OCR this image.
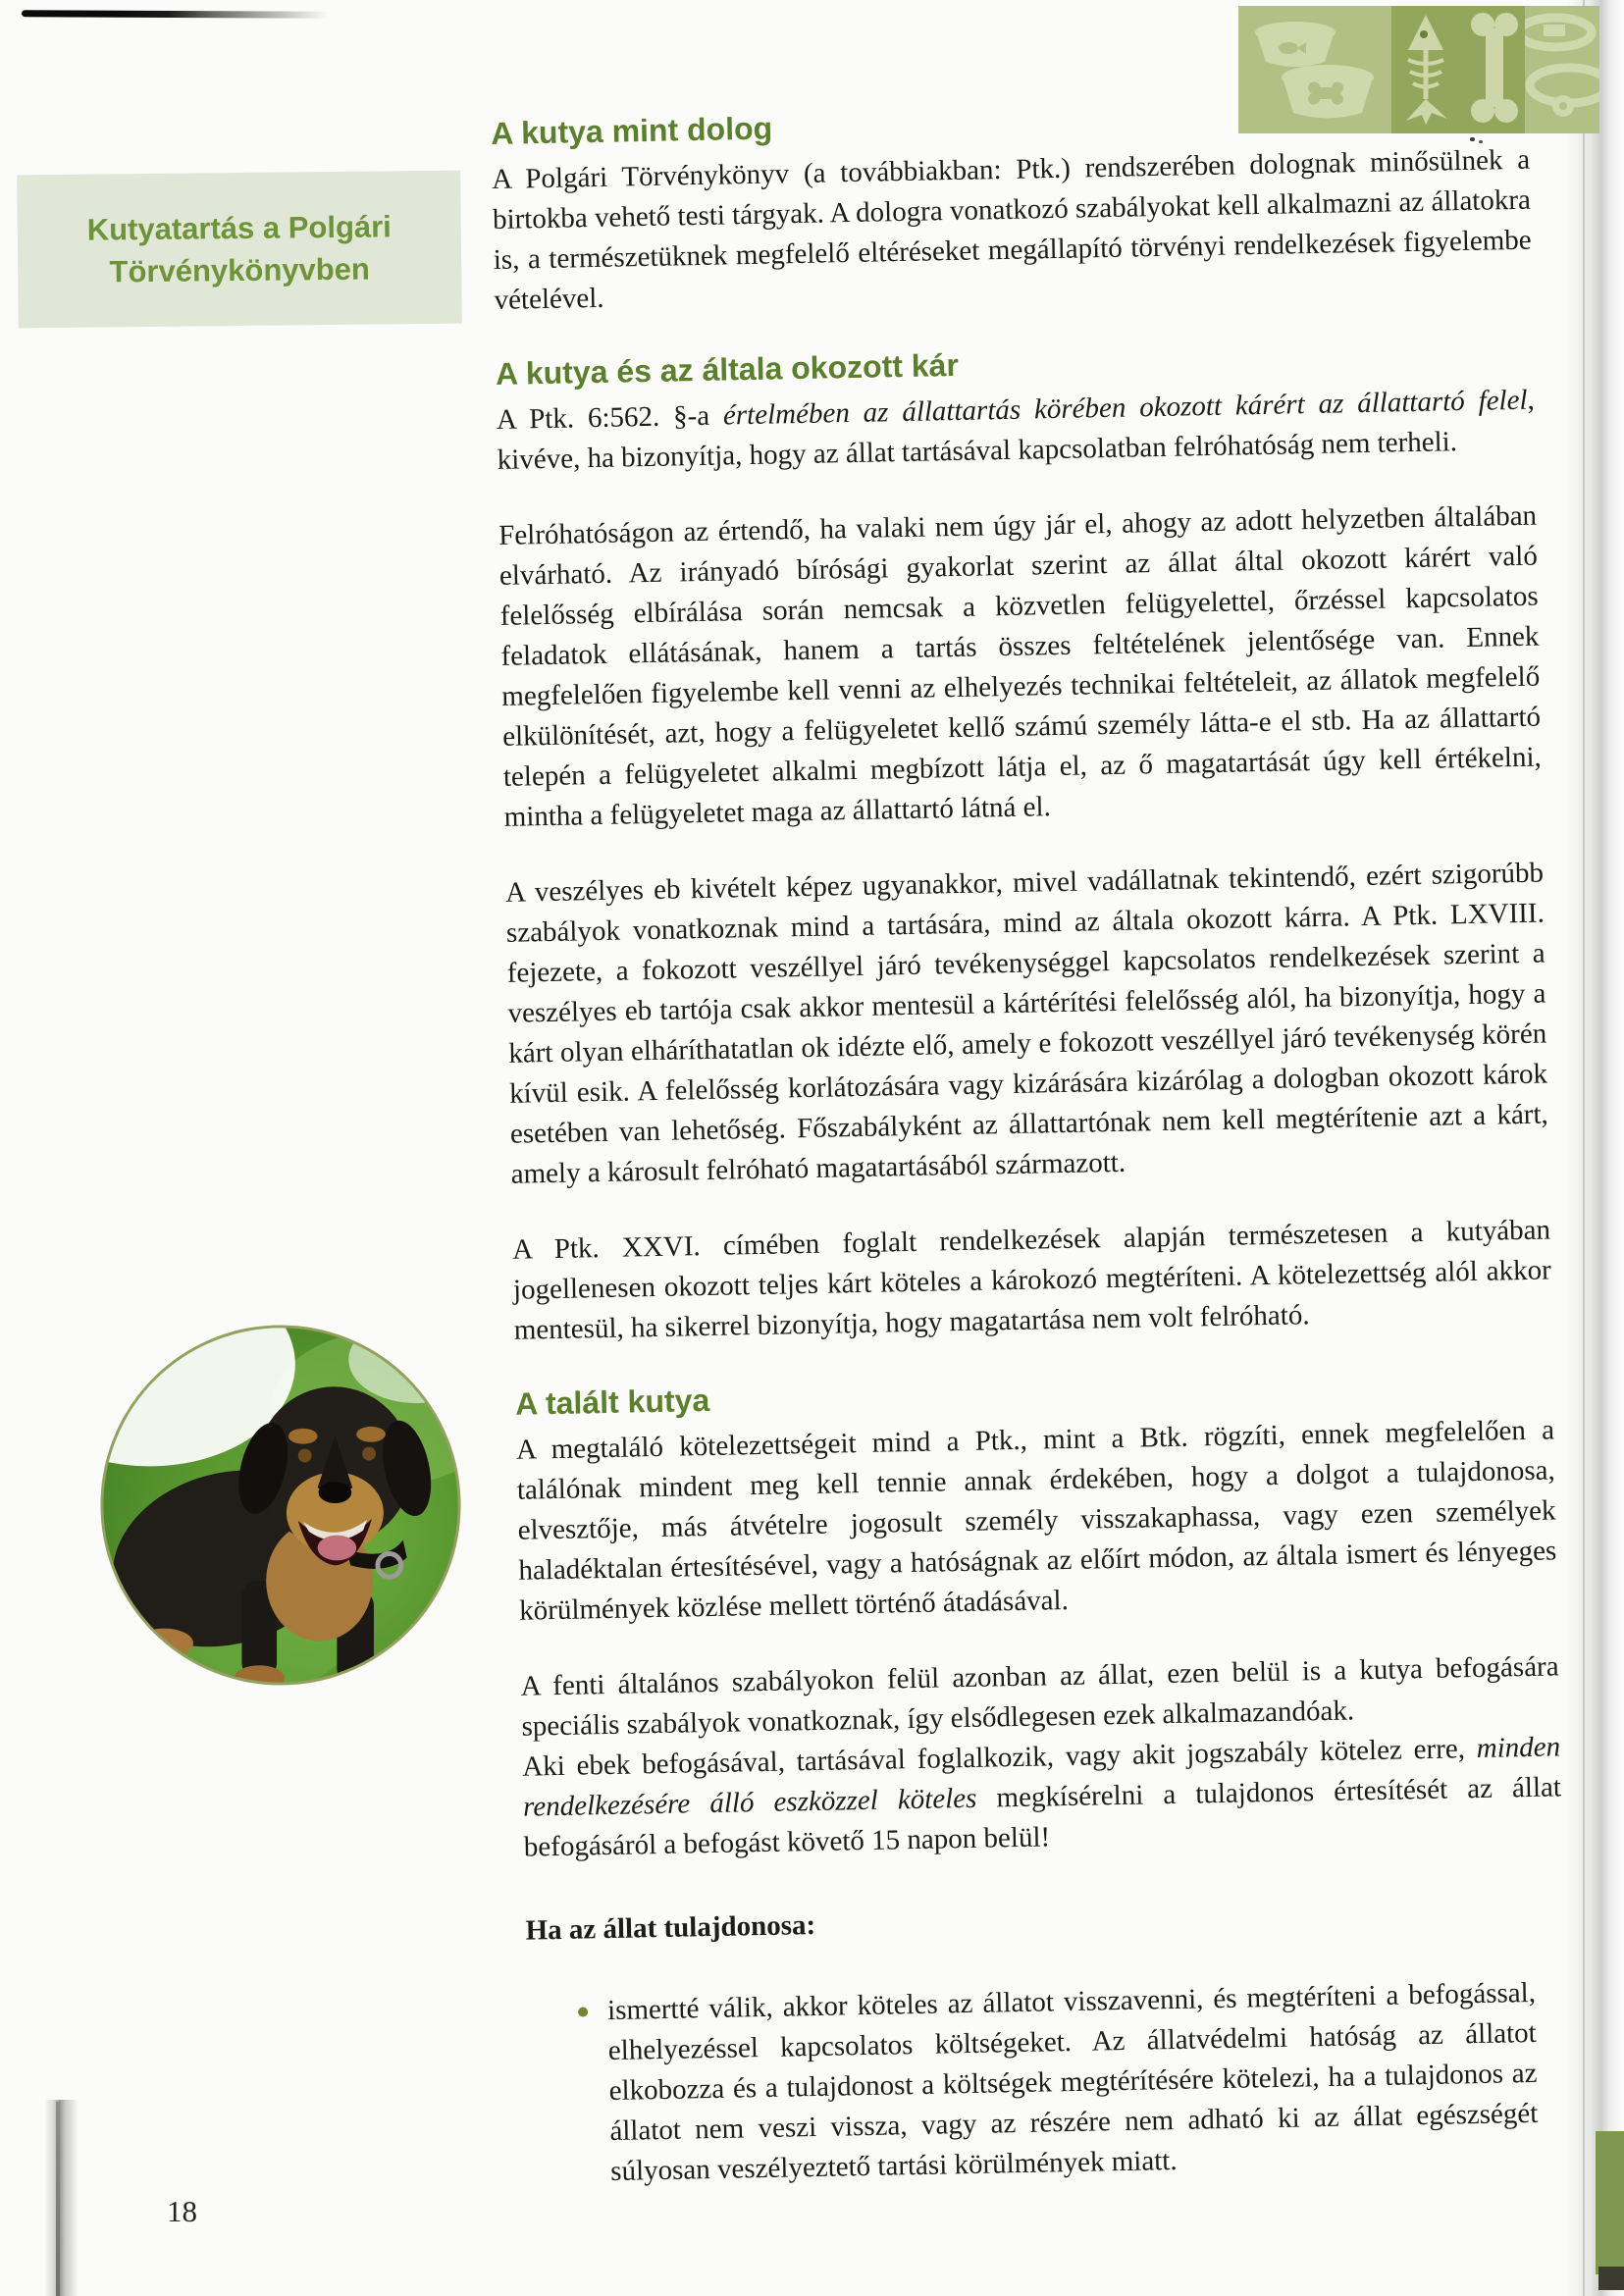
Kutyatartás a Polgári Törvénykönyvben
A kutya mint dolog

A Polgári Törvénykönyv (a továbbiakban: Ptk.) rendszerében dolognak minősülnek a birtokba vehető testi tárgyak. A dologra vonatkozó szabályokat kell alkalmazni az állatokra is, a természetüknek megfelelő eltéréseket megállapító törvényi rendelkezések figyelembe vételével.

A kutya és az általa okozott kár

A Ptk. 6:562. §-a értelmében az állattartás körében okozott kárért az állattartó felel, kivéve, ha bizonyítja, hogy az állat tartásával kapcsolatban felróhatóság nem terheli.

Felróhatóságon az értendő, ha valaki nem úgy jár el, ahogy az adott helyzetben általában elvárható. Az irányadó bírósági gyakorlat szerint az állat által okozott kárért való felelősség elbírálása során nemcsak a közvetlen felügyelettel, őrzéssel kapcsolatos feladatok ellátásának, hanem a tartás összes feltételének jelentősége van. Ennek megfelelően figyelembe kell venni az elhelyezés technikai feltételeit, az állatok megfelelő elkülönítését, azt, hogy a felügyeletet kellő számú személy látta-e el stb. Ha az állattartó telepén a felügyeletet alkalmi megbízott látja el, az ő magatartását úgy kell értékelni, mintha a felügyeletet maga az állattartó látná el.

A veszélyes eb kivételt képez ugyanakkor, mivel vadállatnak tekintendő, ezért szigorúbb szabályok vonatkoznak mind a tartására, mind az általa okozott kárra. A Ptk. LXVIII. fejezete, a fokozott veszéllyel járó tevékenységgel kapcsolatos rendelkezések szerint a veszélyes eb tartója csak akkor mentesül a kártérítési felelősség alól, ha bizonyítja, hogy a kárt olyan elháríthatatlan ok idézte elő, amely e fokozott veszéllyel járó tevékenység körén kívül esik. A felelősség korlátozására vagy kizárására kizárólag a dologban okozott károk esetében van lehetőség. Főszabályként az állattartónak nem kell megtérítenie azt a kárt, amely a károsult felróható magatartásából származott.

A Ptk. XXVI. címében foglalt rendelkezések alapján természetesen a kutyában jogellenesen okozott teljes kárt köteles a károkozó megtéríteni. A kötelezettség alól akkor mentesül, ha sikerrel bizonyítja, hogy magatartása nem volt felróható.

A talált kutya

A megtaláló kötelezettségeit mind a Ptk., mint a Btk. rögzíti, ennek megfelelően a találónak mindent meg kell tennie annak érdekében, hogy a dolgot a tulajdonosa, elvesztője, más átvételre jogosult személy visszakaphassa, vagy ezen személyek haladéktalan értesítésével, vagy a hatóságnak az előírt módon, az általa ismert és lényeges körülmények közlése mellett történő átadásával.

A fenti általános szabályokon felül azonban az állat, ezen belül is a kutya befogására speciális szabályok vonatkoznak, így elsődlegesen ezek alkalmazandóak.

Aki ebek befogásával, tartásával foglalkozik, vagy akit jogszabály kötelez erre, minden rendelkezésére álló eszközzel köteles megkísérelni a tulajdonos értesítését az állat befogásáról a befogást követő 15 napon belül!

Ha az állat tulajdonosa:

ismertté válik, akkor köteles az állatot visszavenni, és megtéríteni a befogással, elhelyezéssel kapcsolatos költségeket. Az állatvédelmi hatóság az állatot elkobozza és a tulajdonost a költségek megtérítésére kötelezi, ha a tulajdonos az állatot nem veszi vissza, vagy az részére nem adható ki az állat egészségét súlyosan veszélyeztető tartási körülmények miatt.

18
